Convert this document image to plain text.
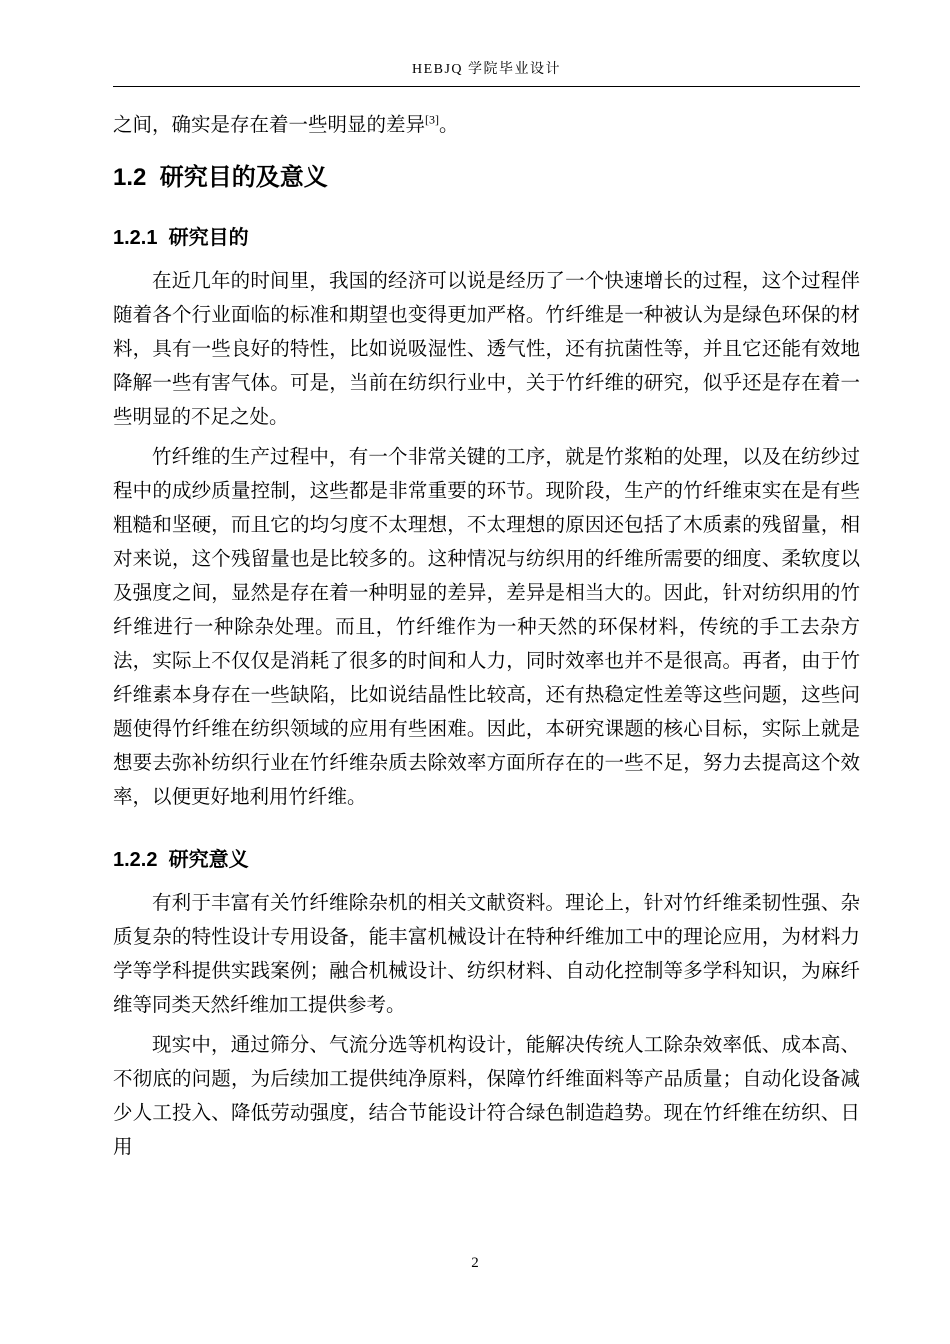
HEBJQ 学院毕业设计

之间，确实是存在着一些明显的差异[3]。

1.2  研究目的及意义
1.2.1  研究目的

在近几年的时间里，我国的经济可以说是经历了一个快速增长的过程，这个过程伴随着各个行业面临的标准和期望也变得更加严格。竹纤维是一种被认为是绿色环保的材料，具有一些良好的特性，比如说吸湿性、透气性，还有抗菌性等，并且它还能有效地降解一些有害气体。可是，当前在纺织行业中，关于竹纤维的研究，似乎还是存在着一些明显的不足之处。

竹纤维的生产过程中，有一个非常关键的工序，就是竹浆粕的处理，以及在纺纱过程中的成纱质量控制，这些都是非常重要的环节。现阶段，生产的竹纤维束实在是有些粗糙和坚硬，而且它的均匀度不太理想，不太理想的原因还包括了木质素的残留量，相对来说，这个残留量也是比较多的。这种情况与纺织用的纤维所需要的细度、柔软度以及强度之间，显然是存在着一种明显的差异，差异是相当大的。因此，针对纺织用的竹纤维进行一种除杂处理。而且，竹纤维作为一种天然的环保材料，传统的手工去杂方法，实际上不仅仅是消耗了很多的时间和人力，同时效率也并不是很高。再者，由于竹纤维素本身存在一些缺陷，比如说结晶性比较高，还有热稳定性差等这些问题，这些问题使得竹纤维在纺织领域的应用有些困难。因此，本研究课题的核心目标，实际上就是想要去弥补纺织行业在竹纤维杂质去除效率方面所存在的一些不足，努力去提高这个效率，以便更好地利用竹纤维。

1.2.2  研究意义

有利于丰富有关竹纤维除杂机的相关文献资料。理论上，针对竹纤维柔韧性强、杂质复杂的特性设计专用设备，能丰富机械设计在特种纤维加工中的理论应用，为材料力学等学科提供实践案例；融合机械设计、纺织材料、自动化控制等多学科知识，为麻纤维等同类天然纤维加工提供参考。

现实中，通过筛分、气流分选等机构设计，能解决传统人工除杂效率低、成本高、不彻底的问题，为后续加工提供纯净原料，保障竹纤维面料等产品质量；自动化设备减少人工投入、降低劳动强度，结合节能设计符合绿色制造趋势。现在竹纤维在纺织、日用

2
